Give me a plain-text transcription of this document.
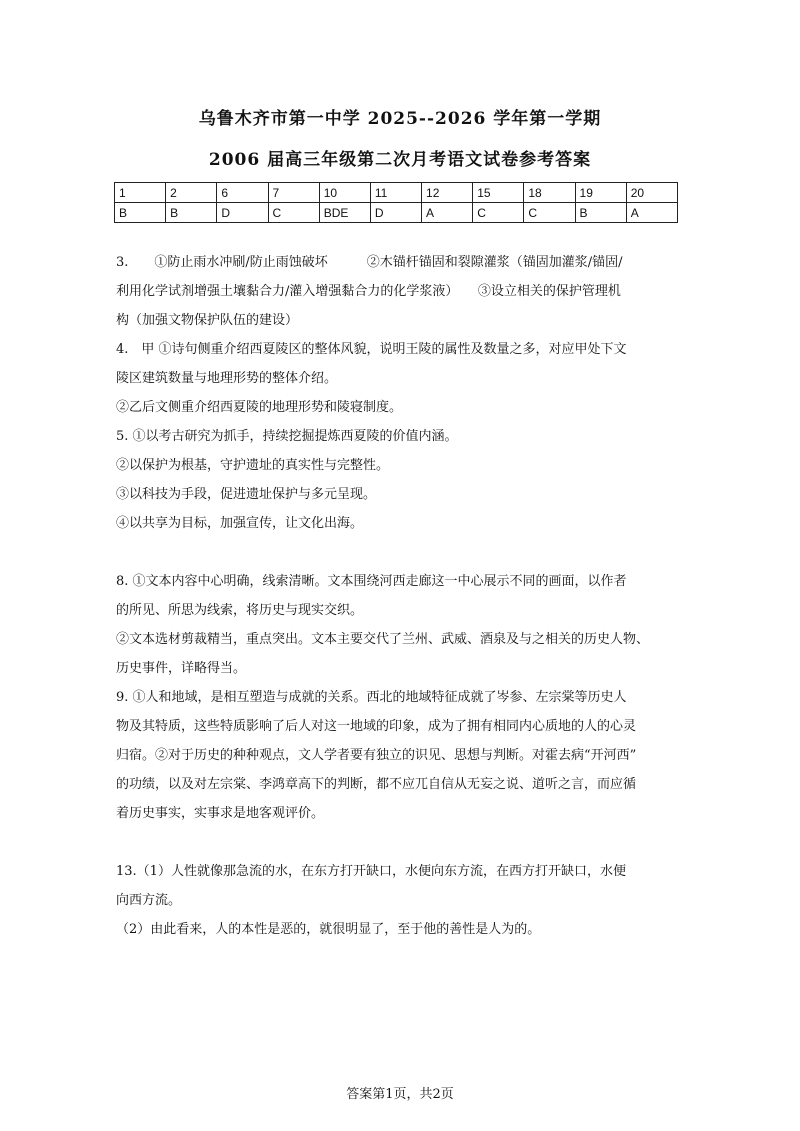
乌鲁木齐市第一中学 2025--2026 学年第一学期
2006 届高三年级第二次月考语文试卷参考答案
1	2	6	7	10	11	12	15	18	19	20
B	B	D	C	BDE	D	A	C	C	B	A

3.　　①防止雨水冲刷/防止雨蚀破坏　　　②木锚杆锚固和裂隙灌浆（锚固加灌浆/锚固/

利用化学试剂增强土壤黏合力/灌入增强黏合力的化学浆液）　　③设立相关的保护管理机

构（加强文物保护队伍的建设）

4.　甲 ①诗句侧重介绍西夏陵区的整体风貌，说明王陵的属性及数量之多，对应甲处下文

陵区建筑数量与地理形势的整体介绍。

②乙后文侧重介绍西夏陵的地理形势和陵寝制度。

5. ①以考古研究为抓手，持续挖掘提炼西夏陵的价值内涵。

②以保护为根基，守护遗址的真实性与完整性。

③以科技为手段，促进遗址保护与多元呈现。

④以共享为目标，加强宣传，让文化出海。

8. ①文本内容中心明确，线索清晰。文本围绕河西走廊这一中心展示不同的画面，以作者

的所见、所思为线索，将历史与现实交织。

②文本选材剪裁精当，重点突出。文本主要交代了兰州、武威、酒泉及与之相关的历史人物、

历史事件，详略得当。

9. ①人和地域，是相互塑造与成就的关系。西北的地域特征成就了岑参、左宗棠等历史人

物及其特质，这些特质影响了后人对这一地域的印象，成为了拥有相同内心质地的人的心灵

归宿。②对于历史的种种观点，文人学者要有独立的识见、思想与判断。对霍去病“开河西”

的功绩，以及对左宗棠、李鸿章高下的判断，都不应兀自信从无妄之说、道听之言，而应循

着历史事实，实事求是地客观评价。

13.（1）人性就像那急流的水，在东方打开缺口，水便向东方流，在西方打开缺口，水便

向西方流。

（2）由此看来，人的本性是恶的，就很明显了，至于他的善性是人为的。

答案第1页，共2页
